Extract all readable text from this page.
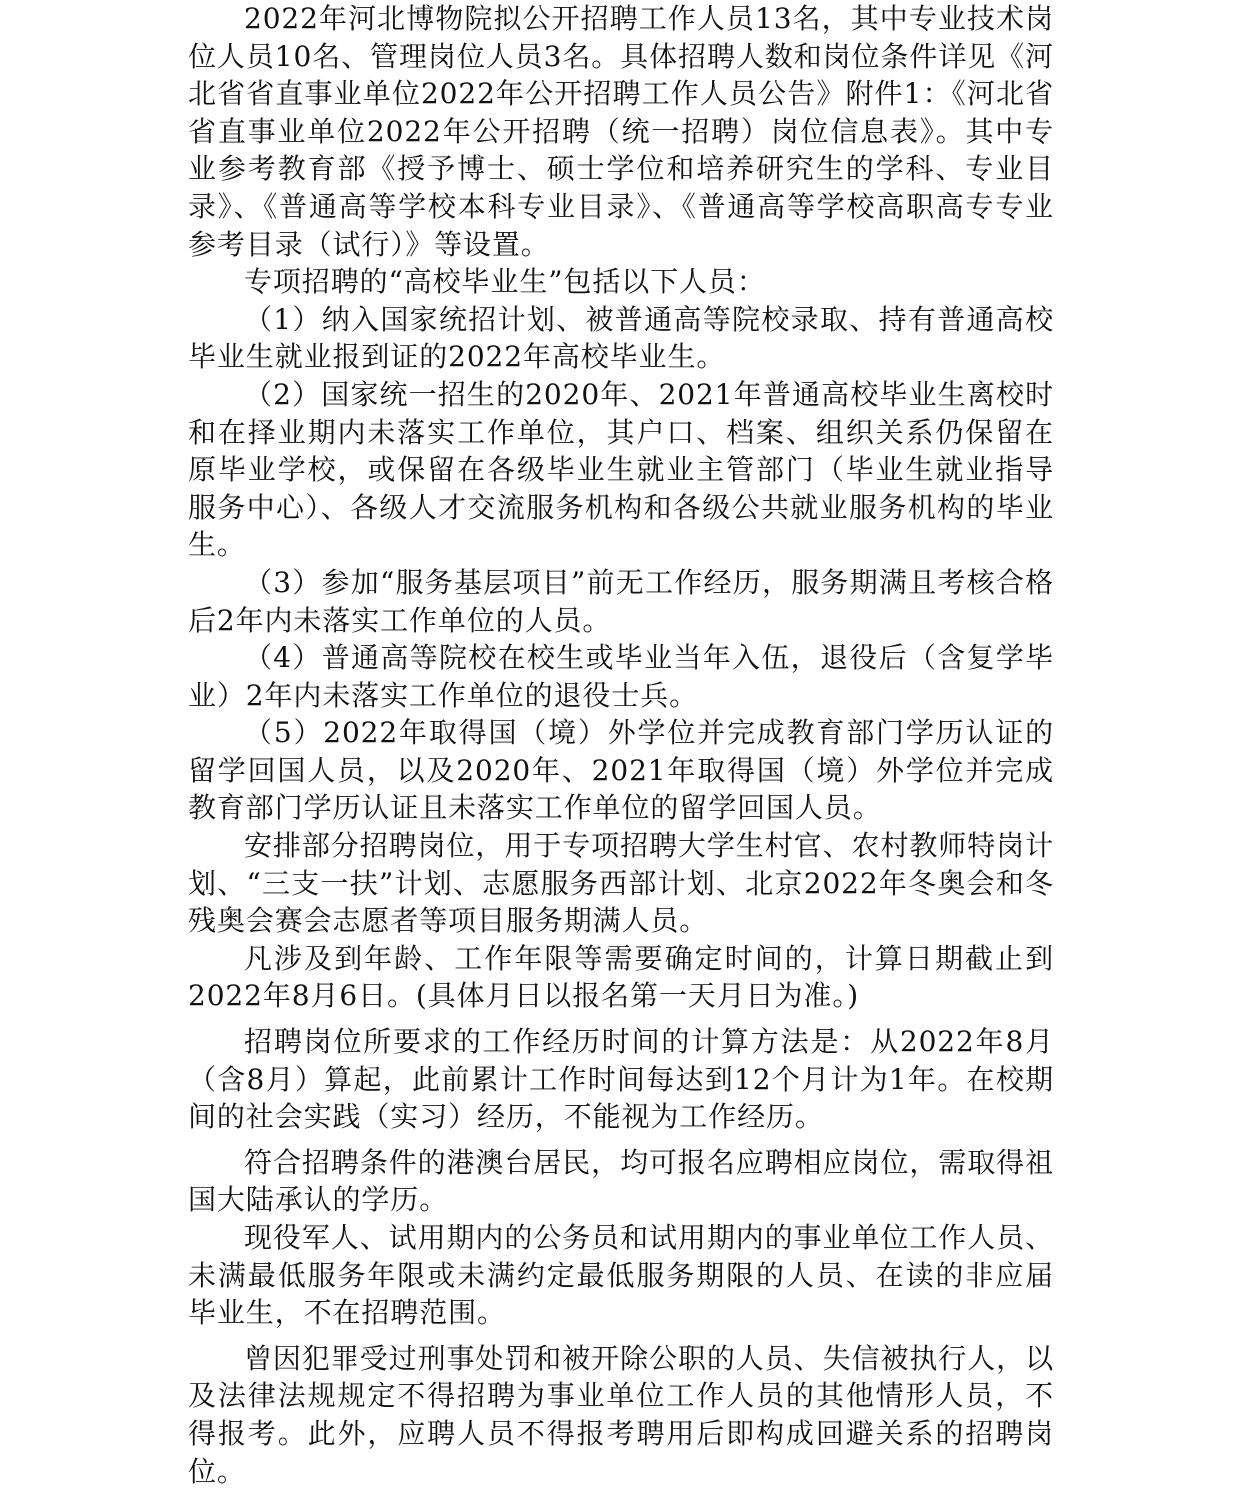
2022年河北博物院拟公开招聘工作人员13名，其中专业技术岗位人员10名、管理岗位人员3名。具体招聘人数和岗位条件详见《河北省省直事业单位2022年公开招聘工作人员公告》附件1：《河北省省直事业单位2022年公开招聘（统一招聘）岗位信息表》。其中专业参考教育部《授予博士、硕士学位和培养研究生的学科、专业目录》、《普通高等学校本科专业目录》、《普通高等学校高职高专专业参考目录（试行）》等设置。

专项招聘的“高校毕业生”包括以下人员：

（1）纳入国家统招计划、被普通高等院校录取、持有普通高校毕业生就业报到证的2022年高校毕业生。

（2）国家统一招生的2020年、2021年普通高校毕业生离校时和在择业期内未落实工作单位，其户口、档案、组织关系仍保留在原毕业学校，或保留在各级毕业生就业主管部门（毕业生就业指导服务中心）、各级人才交流服务机构和各级公共就业服务机构的毕业生。

（3）参加“服务基层项目”前无工作经历，服务期满且考核合格后2年内未落实工作单位的人员。

（4）普通高等院校在校生或毕业当年入伍，退役后（含复学毕业）2年内未落实工作单位的退役士兵。

（5）2022年取得国（境）外学位并完成教育部门学历认证的留学回国人员，以及2020年、2021年取得国（境）外学位并完成教育部门学历认证且未落实工作单位的留学回国人员。

安排部分招聘岗位，用于专项招聘大学生村官、农村教师特岗计划、“三支一扶”计划、志愿服务西部计划、北京2022年冬奥会和冬残奥会赛会志愿者等项目服务期满人员。

凡涉及到年龄、工作年限等需要确定时间的，计算日期截止到2022年8月6日。(具体月日以报名第一天月日为准。)

招聘岗位所要求的工作经历时间的计算方法是：从2022年8月（含8月）算起，此前累计工作时间每达到12个月计为1年。在校期间的社会实践（实习）经历，不能视为工作经历。

符合招聘条件的港澳台居民，均可报名应聘相应岗位，需取得祖国大陆承认的学历。

现役军人、试用期内的公务员和试用期内的事业单位工作人员、未满最低服务年限或未满约定最低服务期限的人员、在读的非应届毕业生，不在招聘范围。

曾因犯罪受过刑事处罚和被开除公职的人员、失信被执行人，以及法律法规规定不得招聘为事业单位工作人员的其他情形人员，不得报考。此外，应聘人员不得报考聘用后即构成回避关系的招聘岗位。
